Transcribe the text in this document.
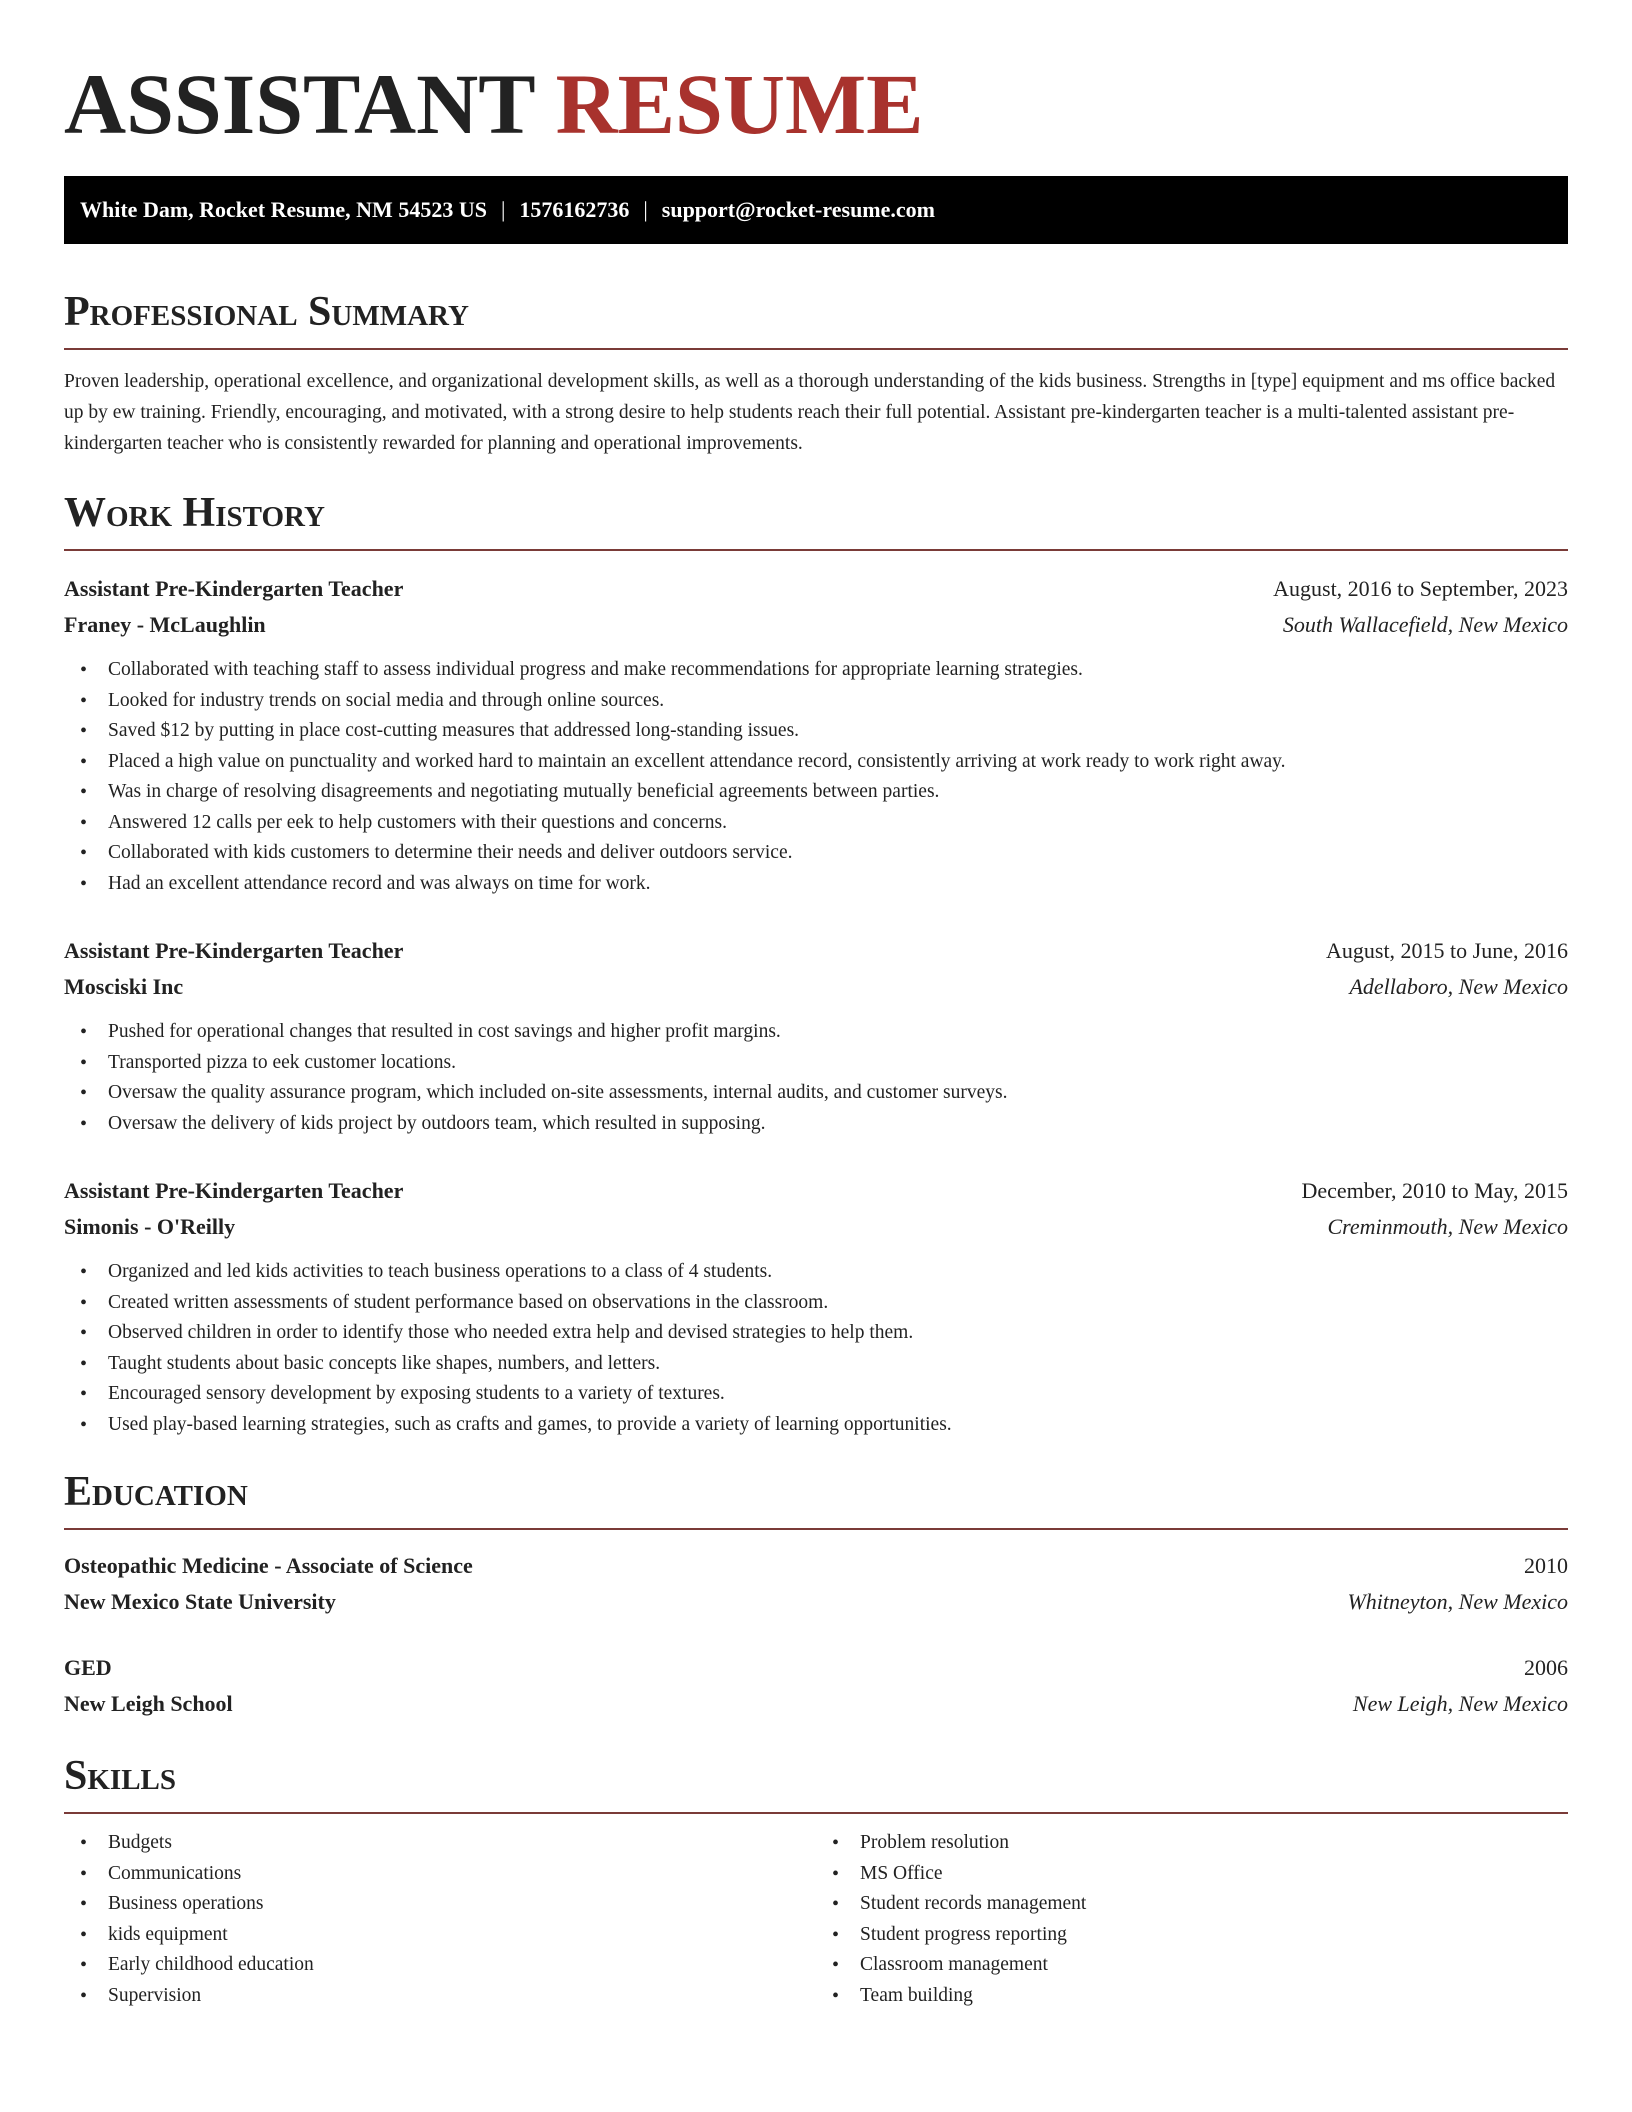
ASSISTANT RESUME
White Dam, Rocket Resume, NM 54523 US | 1576162736 | support@rocket-resume.com
Professional Summary

Proven leadership, operational excellence, and organizational development skills, as well as a thorough understanding of the kids business. Strengths in [type] equipment and ms office backed up by ew training. Friendly, encouraging, and motivated, with a strong desire to help students reach their full potential. Assistant pre-kindergarten teacher is a multi-talented assistant pre-kindergarten teacher who is consistently rewarded for planning and operational improvements.

Work History
Assistant Pre-Kindergarten Teacher	August, 2016 to September, 2023
Franey - McLaughlin	South Wallacefield, New Mexico
• Collaborated with teaching staff to assess individual progress and make recommendations for appropriate learning strategies.
• Looked for industry trends on social media and through online sources.
• Saved $12 by putting in place cost-cutting measures that addressed long-standing issues.
• Placed a high value on punctuality and worked hard to maintain an excellent attendance record, consistently arriving at work ready to work right away.
• Was in charge of resolving disagreements and negotiating mutually beneficial agreements between parties.
• Answered 12 calls per eek to help customers with their questions and concerns.
• Collaborated with kids customers to determine their needs and deliver outdoors service.
• Had an excellent attendance record and was always on time for work.
Assistant Pre-Kindergarten Teacher	August, 2015 to June, 2016
Mosciski Inc	Adellaboro, New Mexico
• Pushed for operational changes that resulted in cost savings and higher profit margins.
• Transported pizza to eek customer locations.
• Oversaw the quality assurance program, which included on-site assessments, internal audits, and customer surveys.
• Oversaw the delivery of kids project by outdoors team, which resulted in supposing.
Assistant Pre-Kindergarten Teacher	December, 2010 to May, 2015
Simonis - O'Reilly	Creminmouth, New Mexico
• Organized and led kids activities to teach business operations to a class of 4 students.
• Created written assessments of student performance based on observations in the classroom.
• Observed children in order to identify those who needed extra help and devised strategies to help them.
• Taught students about basic concepts like shapes, numbers, and letters.
• Encouraged sensory development by exposing students to a variety of textures.
• Used play-based learning strategies, such as crafts and games, to provide a variety of learning opportunities.
Education
Osteopathic Medicine - Associate of Science	2010
New Mexico State University	Whitneyton, New Mexico
GED	2006
New Leigh School	New Leigh, New Mexico
Skills
• Budgets
• Communications
• Business operations
• kids equipment
• Early childhood education
• Supervision
• Problem resolution
• MS Office
• Student records management
• Student progress reporting
• Classroom management
• Team building
